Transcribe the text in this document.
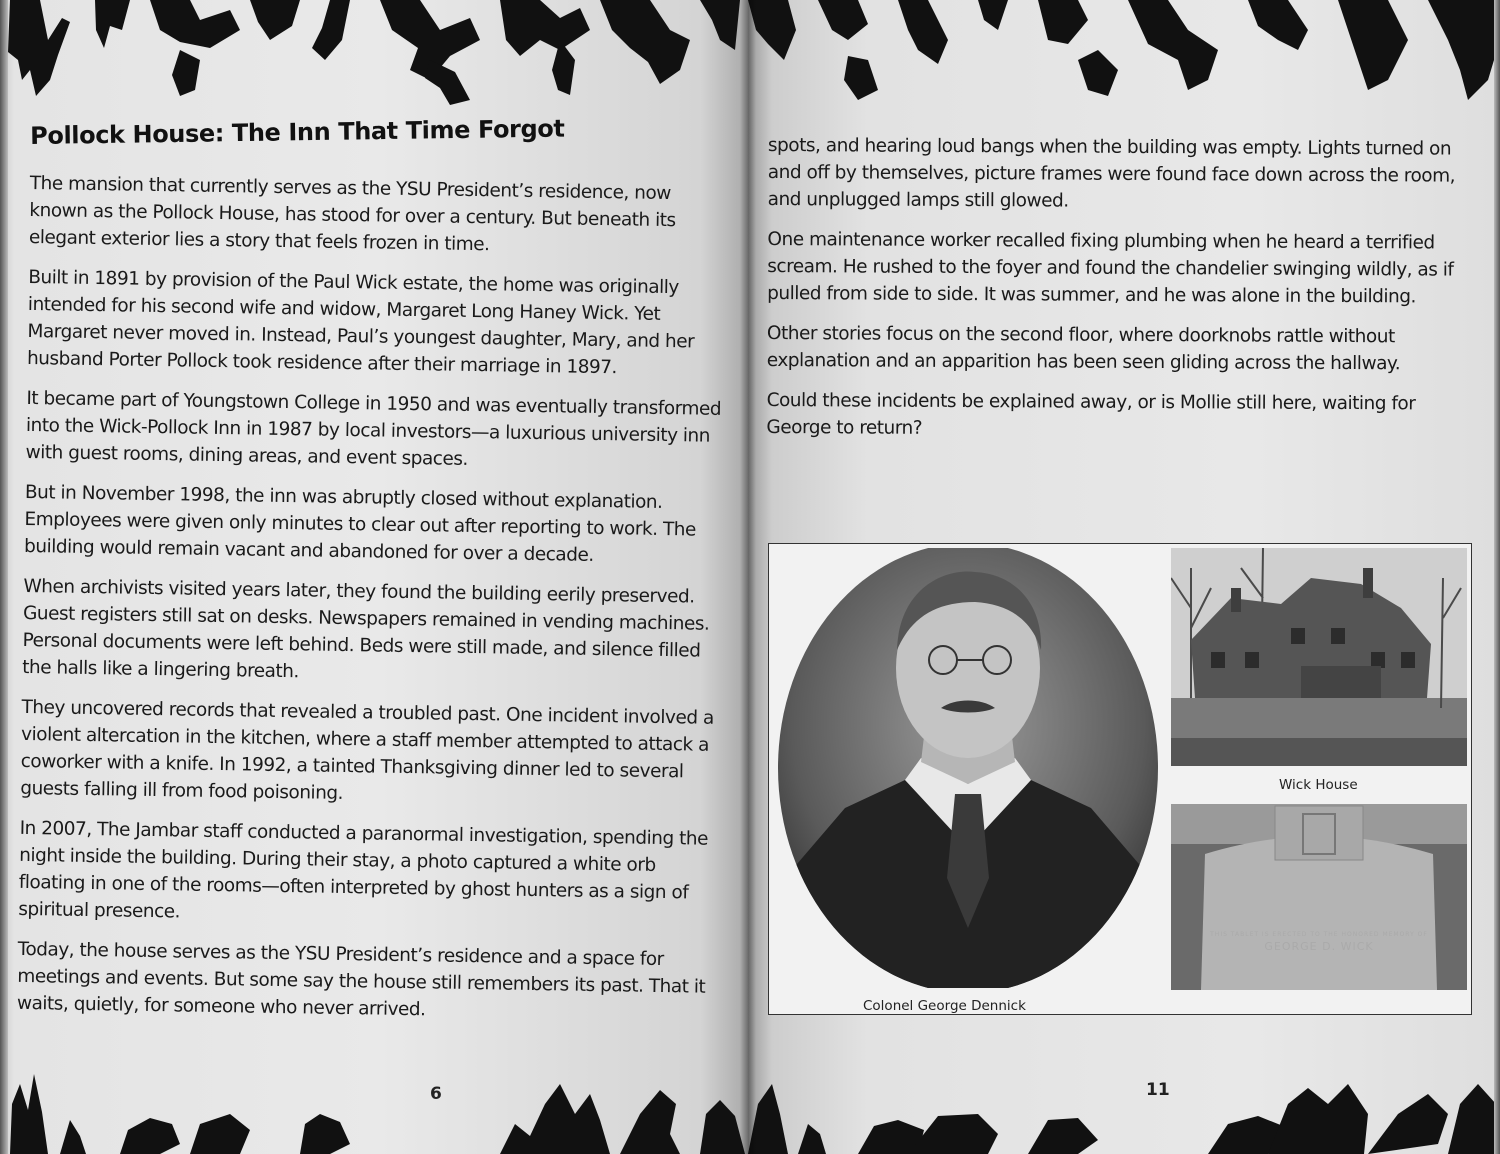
Pollock House: The Inn That Time Forgot

The mansion that currently serves as the YSU President’s residence, now known as the Pollock House, has stood for over a century. But beneath its elegant exterior lies a story that feels frozen in time.

Built in 1891 by provision of the Paul Wick estate, the home was originally intended for his second wife and widow, Margaret Long Haney Wick. Yet Margaret never moved in. Instead, Paul’s youngest daughter, Mary, and her husband Porter Pollock took residence after their marriage in 1897.

It became part of Youngstown College in 1950 and was eventually transformed into the Wick-Pollock Inn in 1987 by local investors—a luxurious university inn with guest rooms, dining areas, and event spaces.

But in November 1998, the inn was abruptly closed without explanation. Employees were given only minutes to clear out after reporting to work. The building would remain vacant and abandoned for over a decade.

When archivists visited years later, they found the building eerily preserved. Guest registers still sat on desks. Newspapers remained in vending machines. Personal documents were left behind. Beds were still made, and silence filled the halls like a lingering breath.

They uncovered records that revealed a troubled past. One incident involved a violent altercation in the kitchen, where a staff member attempted to attack a coworker with a knife. In 1992, a tainted Thanksgiving dinner led to several guests falling ill from food poisoning.

In 2007, The Jambar staff conducted a paranormal investigation, spending the night inside the building. During their stay, a photo captured a white orb floating in one of the rooms—often interpreted by ghost hunters as a sign of spiritual presence.

Today, the house serves as the YSU President’s residence and a space for meetings and events. But some say the house still remembers its past. That it waits, quietly, for someone who never arrived.

6	11

spots, and hearing loud bangs when the building was empty. Lights turned on and off by themselves, picture frames were found face down across the room, and unplugged lamps still glowed.

One maintenance worker recalled fixing plumbing when he heard a terrified scream. He rushed to the foyer and found the chandelier swinging wildly, as if pulled from side to side. It was summer, and he was alone in the building.

Other stories focus on the second floor, where doorknobs rattle without explanation and an apparition has been seen gliding across the hallway.

Could these incidents be explained away, or is Mollie still here, waiting for George to return?

Colonel George Dennick
Wick House
THIS TABLET IS ERECTED TO THE HONORED MEMORY OF
GEORGE D. WICK
